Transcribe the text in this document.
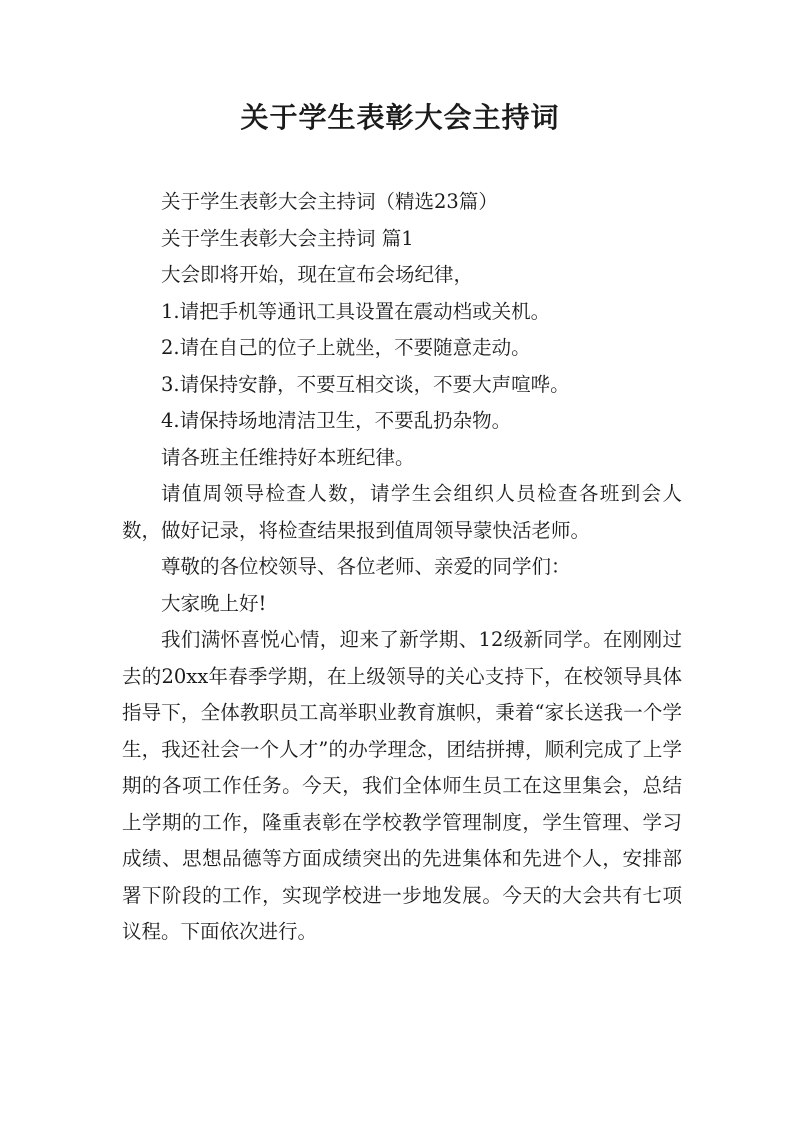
关于学生表彰大会主持词

关于学生表彰大会主持词（精选23篇）

关于学生表彰大会主持词 篇1

大会即将开始，现在宣布会场纪律，

1.请把手机等通讯工具设置在震动档或关机。

2.请在自己的位子上就坐，不要随意走动。

3.请保持安静，不要互相交谈，不要大声喧哗。

4.请保持场地清洁卫生，不要乱扔杂物。

请各班主任维持好本班纪律。

请值周领导检查人数，请学生会组织人员检查各班到会人数，做好记录，将检查结果报到值周领导蒙快活老师。

尊敬的各位校领导、各位老师、亲爱的同学们：

大家晚上好!

我们满怀喜悦心情，迎来了新学期、12级新同学。在刚刚过去的20xx年春季学期，在上级领导的关心支持下，在校领导具体指导下，全体教职员工高举职业教育旗帜，秉着“家长送我一个学生，我还社会一个人才”的办学理念，团结拼搏，顺利完成了上学期的各项工作任务。今天，我们全体师生员工在这里集会，总结上学期的工作，隆重表彰在学校教学管理制度，学生管理、学习成绩、思想品德等方面成绩突出的先进集体和先进个人，安排部署下阶段的工作，实现学校进一步地发展。今天的大会共有七项议程。下面依次进行。
